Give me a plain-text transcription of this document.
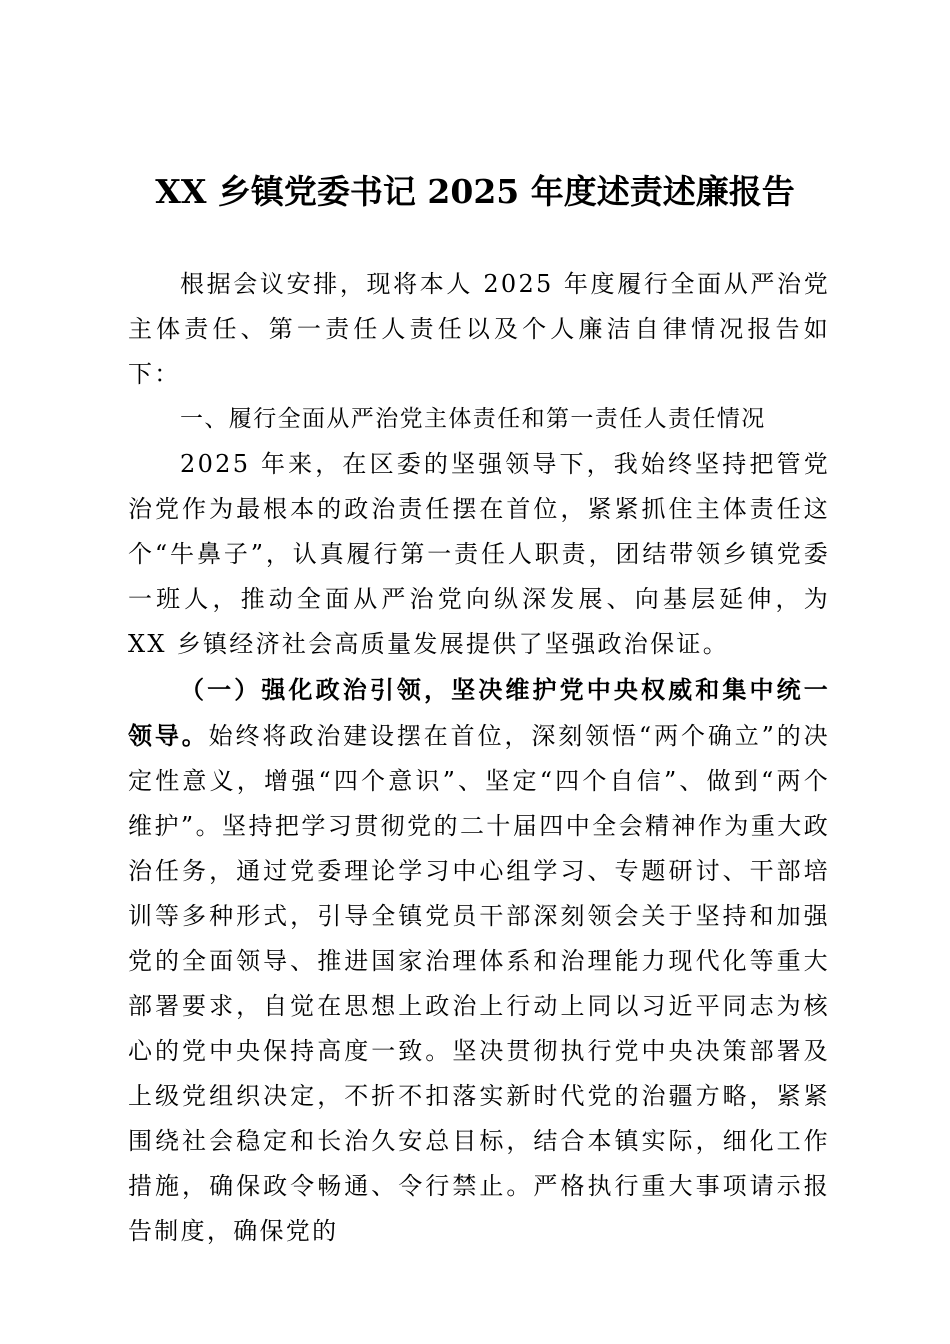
XX 乡镇党委书记 2025 年度述责述廉报告

根据会议安排，现将本人 2025 年度履行全面从严治党主体责任、第一责任人责任以及个人廉洁自律情况报告如下：

一、履行全面从严治党主体责任和第一责任人责任情况

2025 年来，在区委的坚强领导下，我始终坚持把管党治党作为最根本的政治责任摆在首位，紧紧抓住主体责任这个“牛鼻子”，认真履行第一责任人职责，团结带领乡镇党委一班人，推动全面从严治党向纵深发展、向基层延伸，为 XX 乡镇经济社会高质量发展提供了坚强政治保证。

（一）强化政治引领，坚决维护党中央权威和集中统一领导。始终将政治建设摆在首位，深刻领悟“两个确立”的决定性意义，增强“四个意识”、坚定“四个自信”、做到“两个维护”。坚持把学习贯彻党的二十届四中全会精神作为重大政治任务，通过党委理论学习中心组学习、专题研讨、干部培训等多种形式，引导全镇党员干部深刻领会关于坚持和加强党的全面领导、推进国家治理体系和治理能力现代化等重大部署要求，自觉在思想上政治上行动上同以习近平同志为核心的党中央保持高度一致。坚决贯彻执行党中央决策部署及上级党组织决定，不折不扣落实新时代党的治疆方略，紧紧围绕社会稳定和长治久安总目标，结合本镇实际，细化工作措施，确保政令畅通、令行禁止。严格执行重大事项请示报告制度，确保党的
